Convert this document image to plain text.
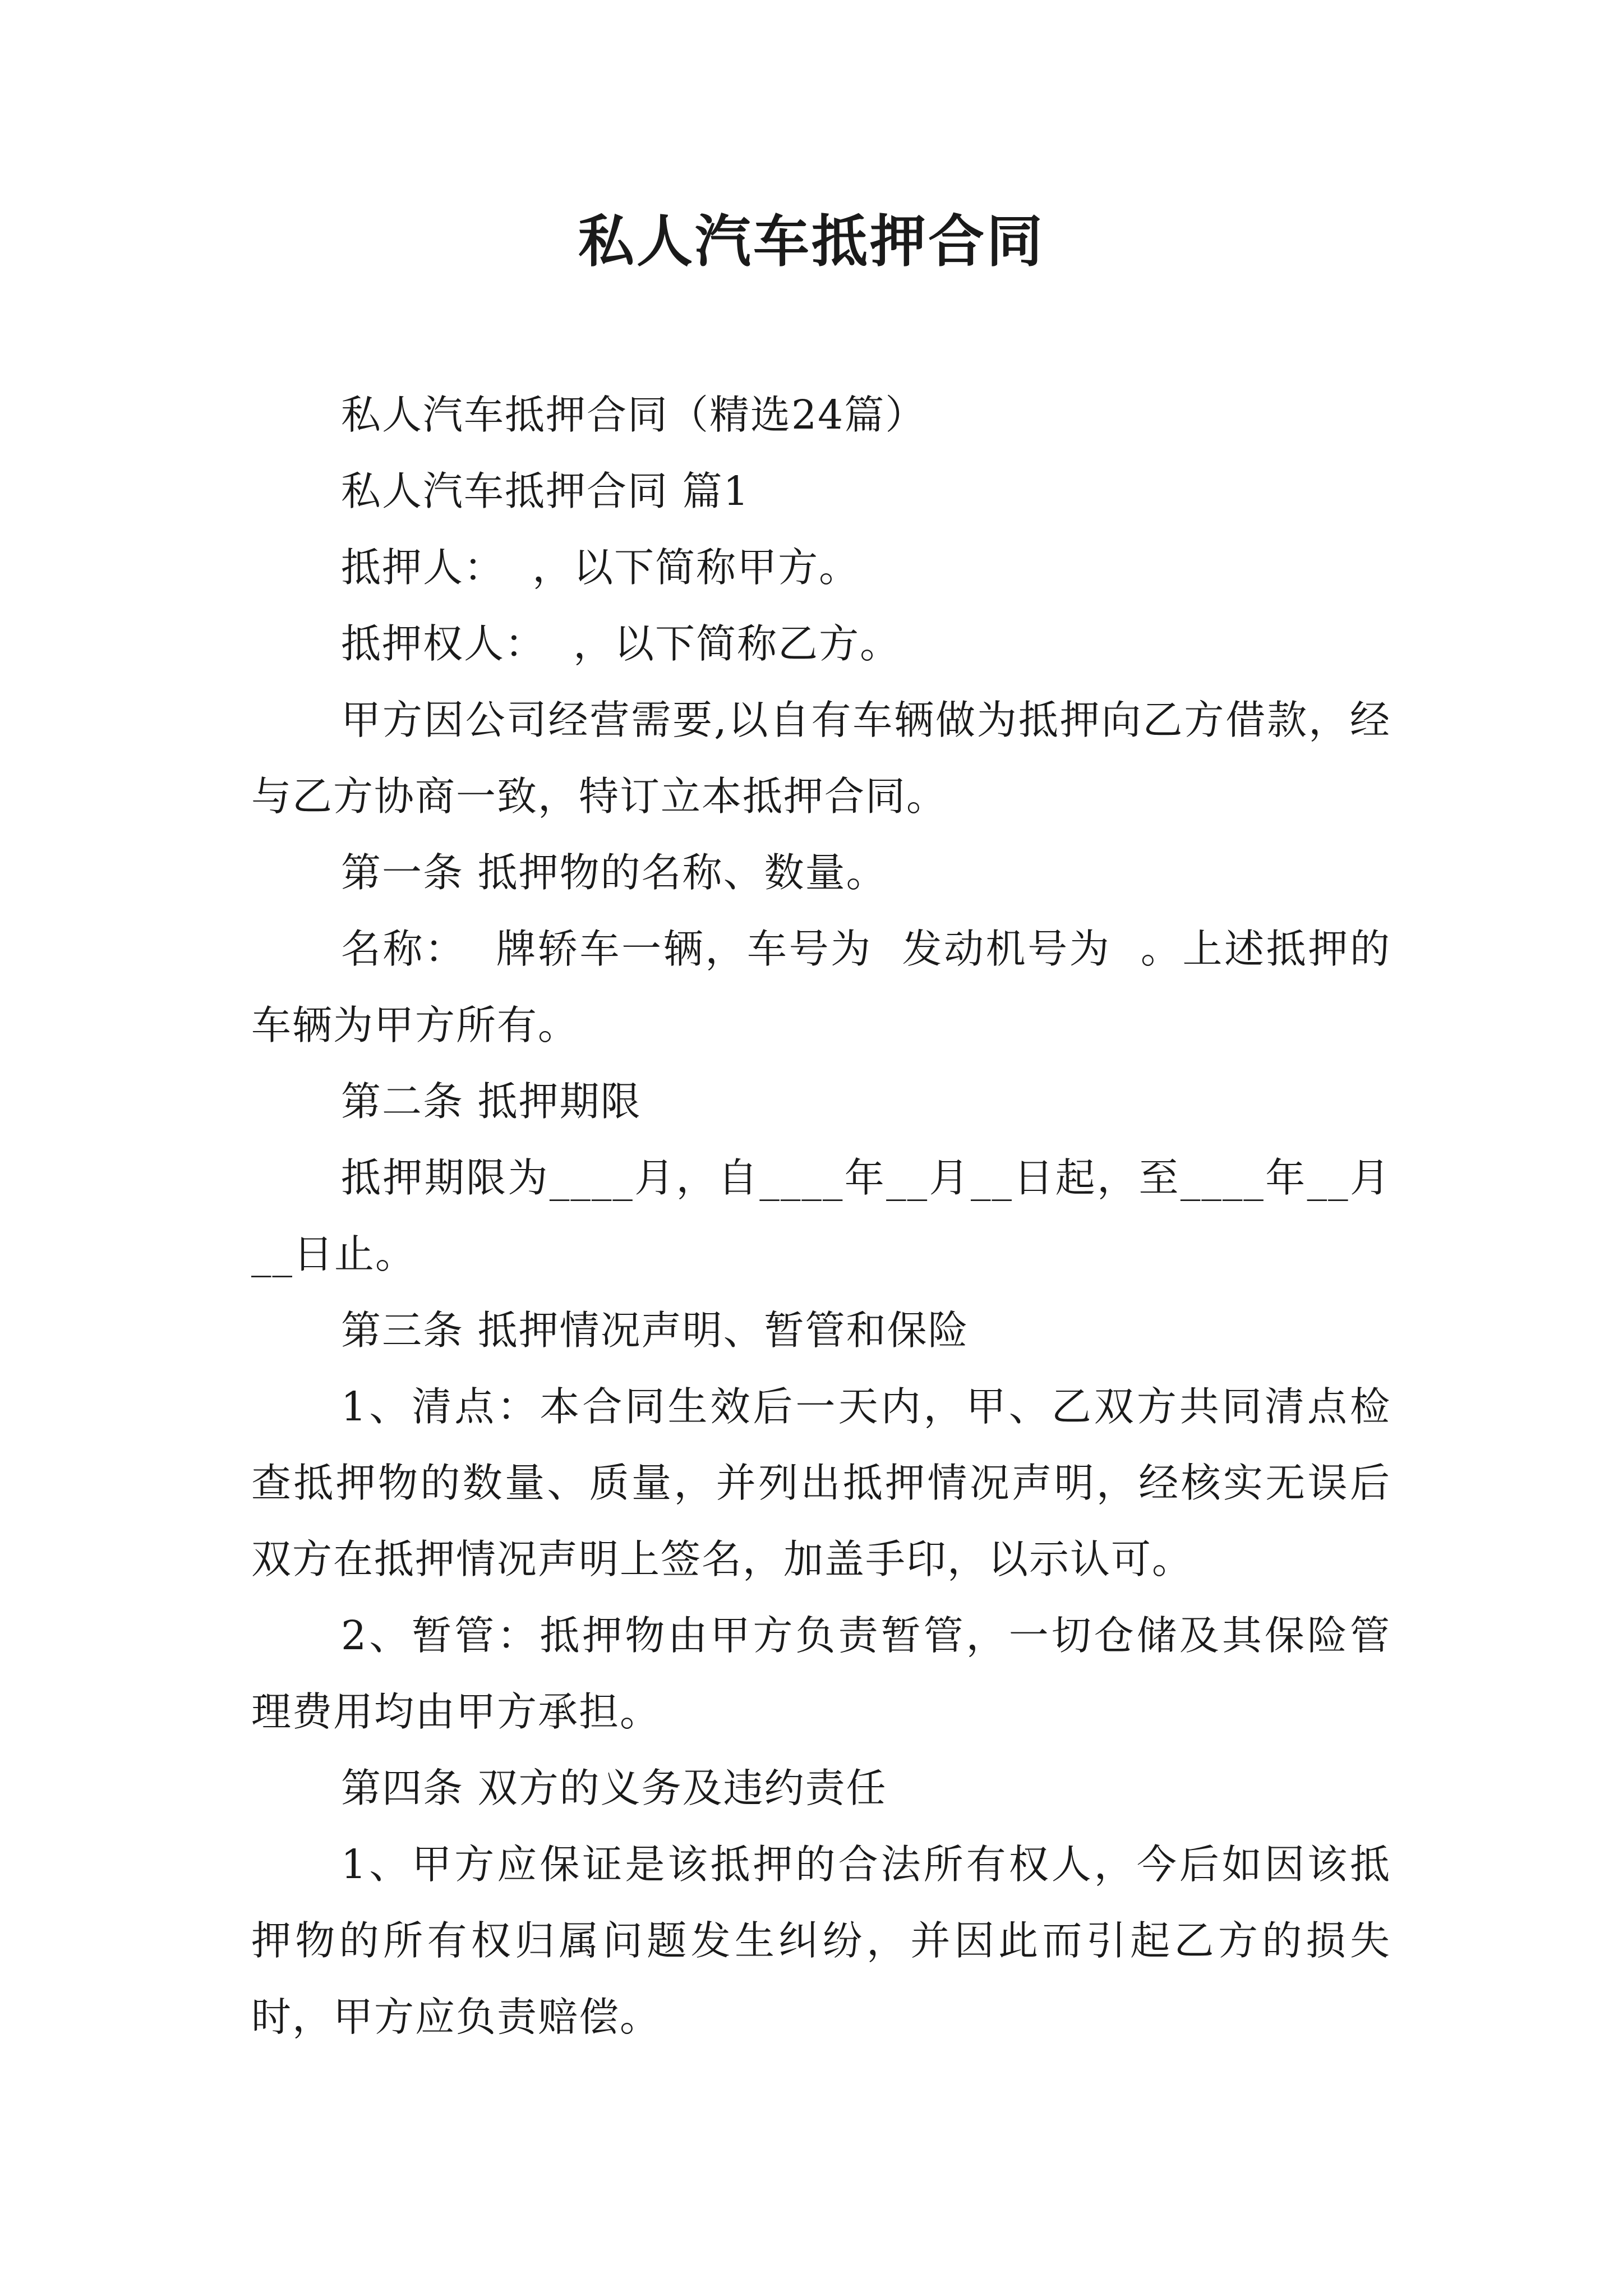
私人汽车抵押合同

私人汽车抵押合同（精选24篇）

私人汽车抵押合同 篇1

抵押人：  ，以下简称甲方。

抵押权人：  ，以下简称乙方。

甲方因公司经营需要,以自有车辆做为抵押向乙方借款，经与乙方协商一致，特订立本抵押合同。

第一条 抵押物的名称、数量。

名称：  牌轿车一辆，车号为  发动机号为  。上述抵押的车辆为甲方所有。

第二条 抵押期限

抵押期限为____月，自____年__月__日起，至____年__月__日止。

第三条 抵押情况声明、暂管和保险

1、清点：本合同生效后一天内，甲、乙双方共同清点检查抵押物的数量、质量，并列出抵押情况声明，经核实无误后双方在抵押情况声明上签名，加盖手印，以示认可。

2、暂管：抵押物由甲方负责暂管，一切仓储及其保险管理费用均由甲方承担。

第四条 双方的义务及违约责任

1、甲方应保证是该抵押的合法所有权人，今后如因该抵押物的所有权归属问题发生纠纷，并因此而引起乙方的损失时，甲方应负责赔偿。
